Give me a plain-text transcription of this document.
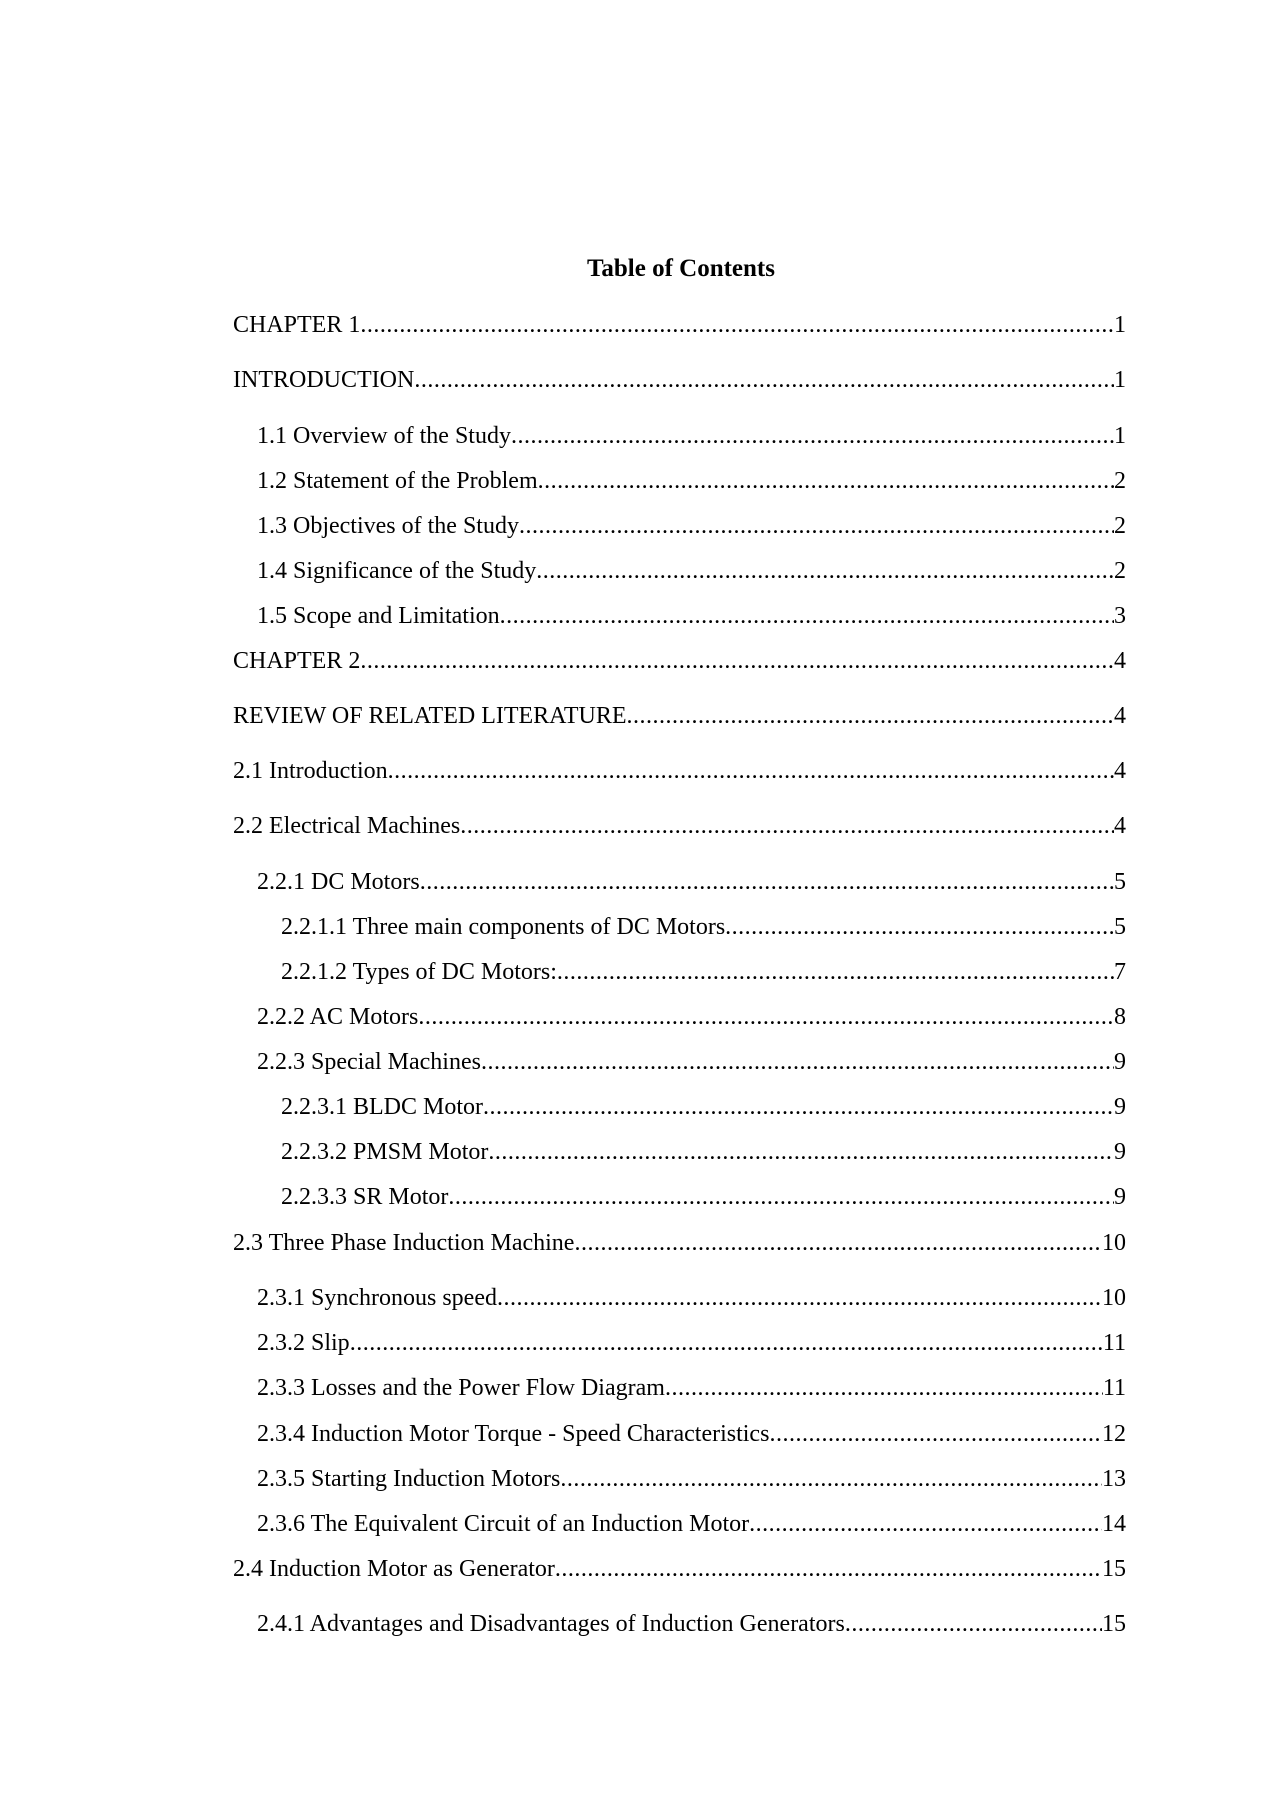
Table of Contents
CHAPTER 1 .....	1
INTRODUCTION .....	1
1.1 Overview of the Study .....	1
1.2 Statement of the Problem .....	2
1.3 Objectives of the Study .....	2
1.4 Significance of the Study .....	2
1.5 Scope and Limitation .....	3
CHAPTER 2 .....	4
REVIEW OF RELATED LITERATURE .....	4
2.1 Introduction .....	4
2.2 Electrical Machines .....	4
2.2.1 DC Motors .....	5
2.2.1.1 Three main components of DC Motors .....	5
2.2.1.2 Types of DC Motors: .....	7
2.2.2 AC Motors .....	8
2.2.3 Special Machines .....	9
2.2.3.1 BLDC Motor .....	9
2.2.3.2 PMSM Motor .....	9
2.2.3.3 SR Motor .....	9
2.3 Three Phase Induction Machine .....	10
2.3.1 Synchronous speed .....	10
2.3.2 Slip .....	11
2.3.3 Losses and the Power Flow Diagram .....	11
2.3.4 Induction Motor Torque - Speed Characteristics .....	12
2.3.5 Starting Induction Motors .....	13
2.3.6 The Equivalent Circuit of an Induction Motor .....	14
2.4 Induction Motor as Generator .....	15
2.4.1 Advantages and Disadvantages of Induction Generators .....	15
